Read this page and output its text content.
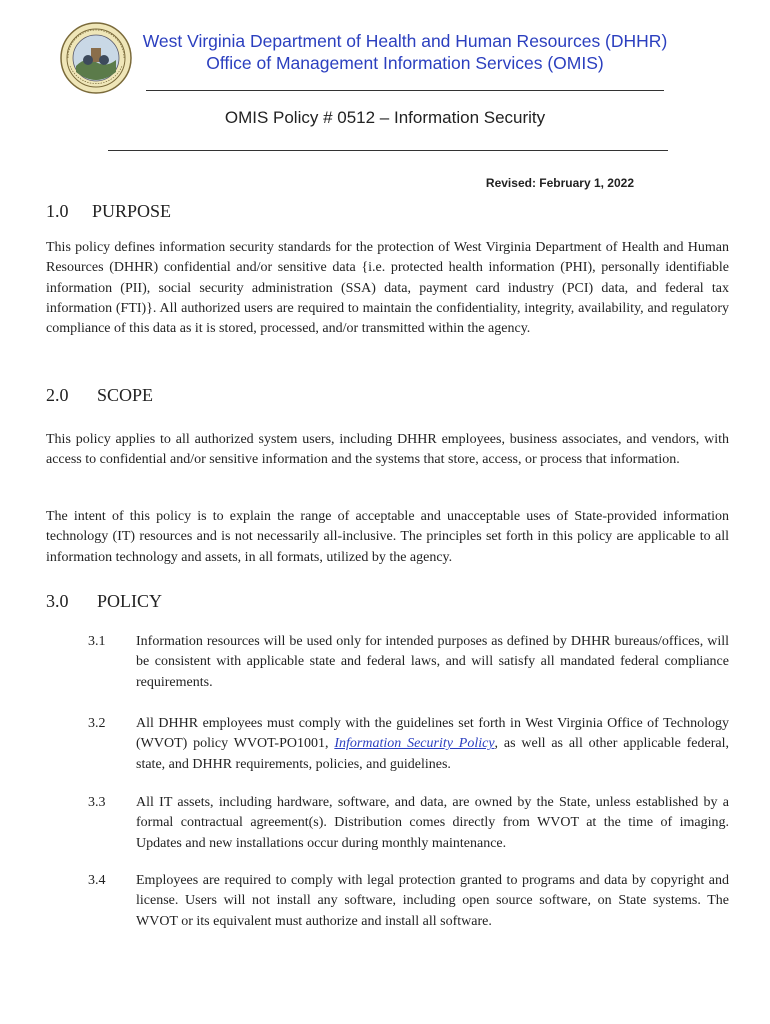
West Virginia Department of Health and Human Resources (DHHR)
Office of Management Information Services (OMIS)
OMIS Policy # 0512 – Information Security
Revised: February 1, 2022
1.0 PURPOSE
This policy defines information security standards for the protection of West Virginia Department of Health and Human Resources (DHHR) confidential and/or sensitive data {i.e. protected health information (PHI), personally identifiable information (PII), social security administration (SSA) data, payment card industry (PCI) data, and federal tax information (FTI)}. All authorized users are required to maintain the confidentiality, integrity, availability, and regulatory compliance of this data as it is stored, processed, and/or transmitted within the agency.
2.0 SCOPE
This policy applies to all authorized system users, including DHHR employees, business associates, and vendors, with access to confidential and/or sensitive information and the systems that store, access, or process that information.
The intent of this policy is to explain the range of acceptable and unacceptable uses of State-provided information technology (IT) resources and is not necessarily all-inclusive. The principles set forth in this policy are applicable to all information technology and assets, in all formats, utilized by the agency.
3.0 POLICY
3.1 Information resources will be used only for intended purposes as defined by DHHR bureaus/offices, will be consistent with applicable state and federal laws, and will satisfy all mandated federal compliance requirements.
3.2 All DHHR employees must comply with the guidelines set forth in West Virginia Office of Technology (WVOT) policy WVOT-PO1001, Information Security Policy, as well as all other applicable federal, state, and DHHR requirements, policies, and guidelines.
3.3 All IT assets, including hardware, software, and data, are owned by the State, unless established by a formal contractual agreement(s). Distribution comes directly from WVOT at the time of imaging. Updates and new installations occur during monthly maintenance.
3.4 Employees are required to comply with legal protection granted to programs and data by copyright and license. Users will not install any software, including open source software, on State systems. The WVOT or its equivalent must authorize and install all software.
